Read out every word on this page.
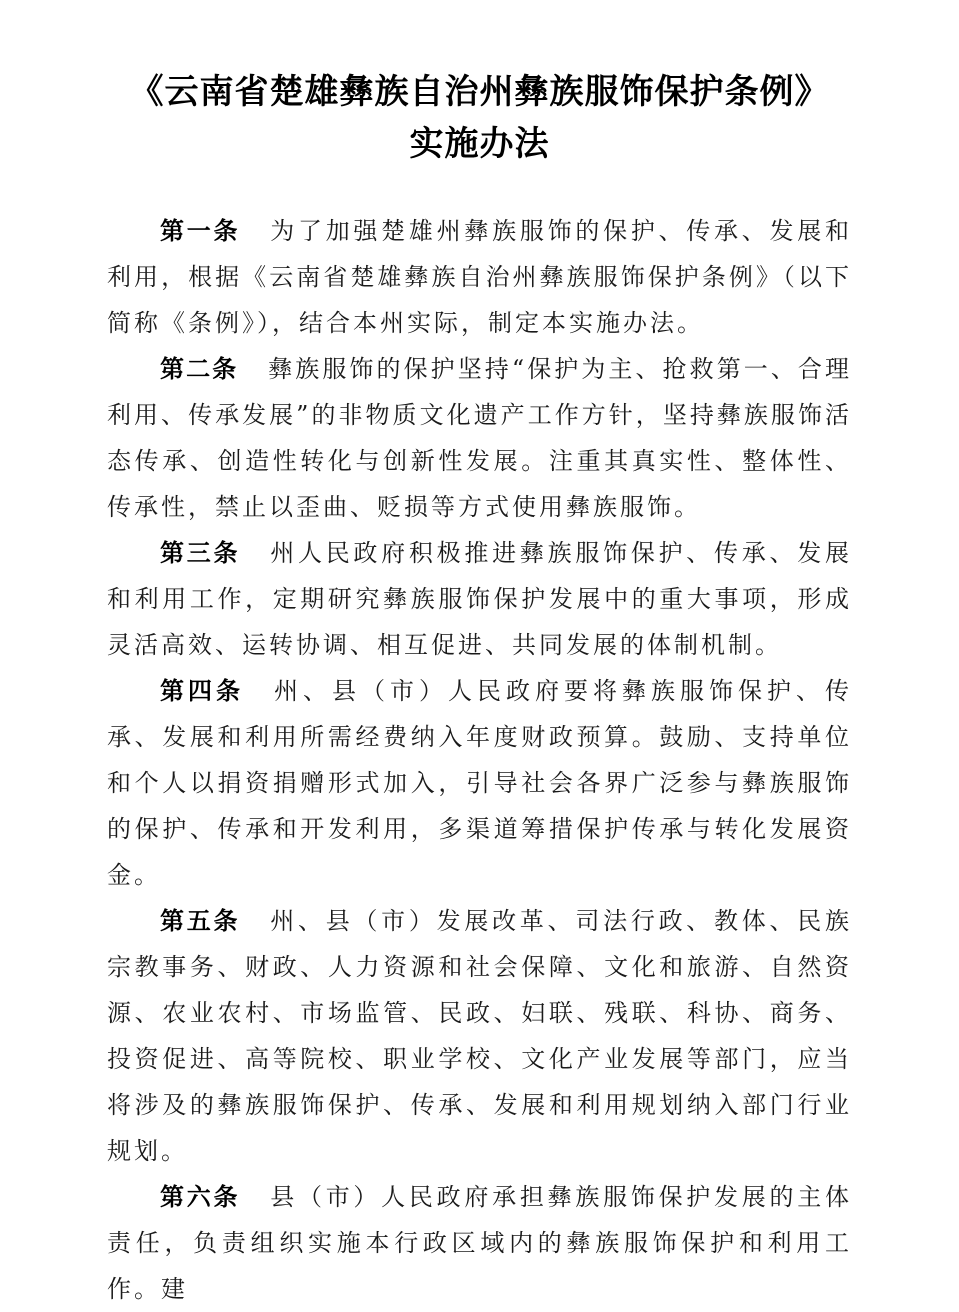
《云南省楚雄彝族自治州彝族服饰保护条例》
实施办法

第一条 为了加强楚雄州彝族服饰的保护、传承、发展和利用，根据《云南省楚雄彝族自治州彝族服饰保护条例》（以下简称《条例》），结合本州实际，制定本实施办法。

第二条 彝族服饰的保护坚持“保护为主、抢救第一、合理利用、传承发展”的非物质文化遗产工作方针，坚持彝族服饰活态传承、创造性转化与创新性发展。注重其真实性、整体性、传承性，禁止以歪曲、贬损等方式使用彝族服饰。

第三条 州人民政府积极推进彝族服饰保护、传承、发展和利用工作，定期研究彝族服饰保护发展中的重大事项，形成灵活高效、运转协调、相互促进、共同发展的体制机制。

第四条 州、县（市）人民政府要将彝族服饰保护、传承、发展和利用所需经费纳入年度财政预算。鼓励、支持单位和个人以捐资捐赠形式加入，引导社会各界广泛参与彝族服饰的保护、传承和开发利用，多渠道筹措保护传承与转化发展资金。

第五条 州、县（市）发展改革、司法行政、教体、民族宗教事务、财政、人力资源和社会保障、文化和旅游、自然资源、农业农村、市场监管、民政、妇联、残联、科协、商务、投资促进、高等院校、职业学校、文化产业发展等部门，应当将涉及的彝族服饰保护、传承、发展和利用规划纳入部门行业规划。

第六条 县（市）人民政府承担彝族服饰保护发展的主体责任，负责组织实施本行政区域内的彝族服饰保护和利用工作。建
